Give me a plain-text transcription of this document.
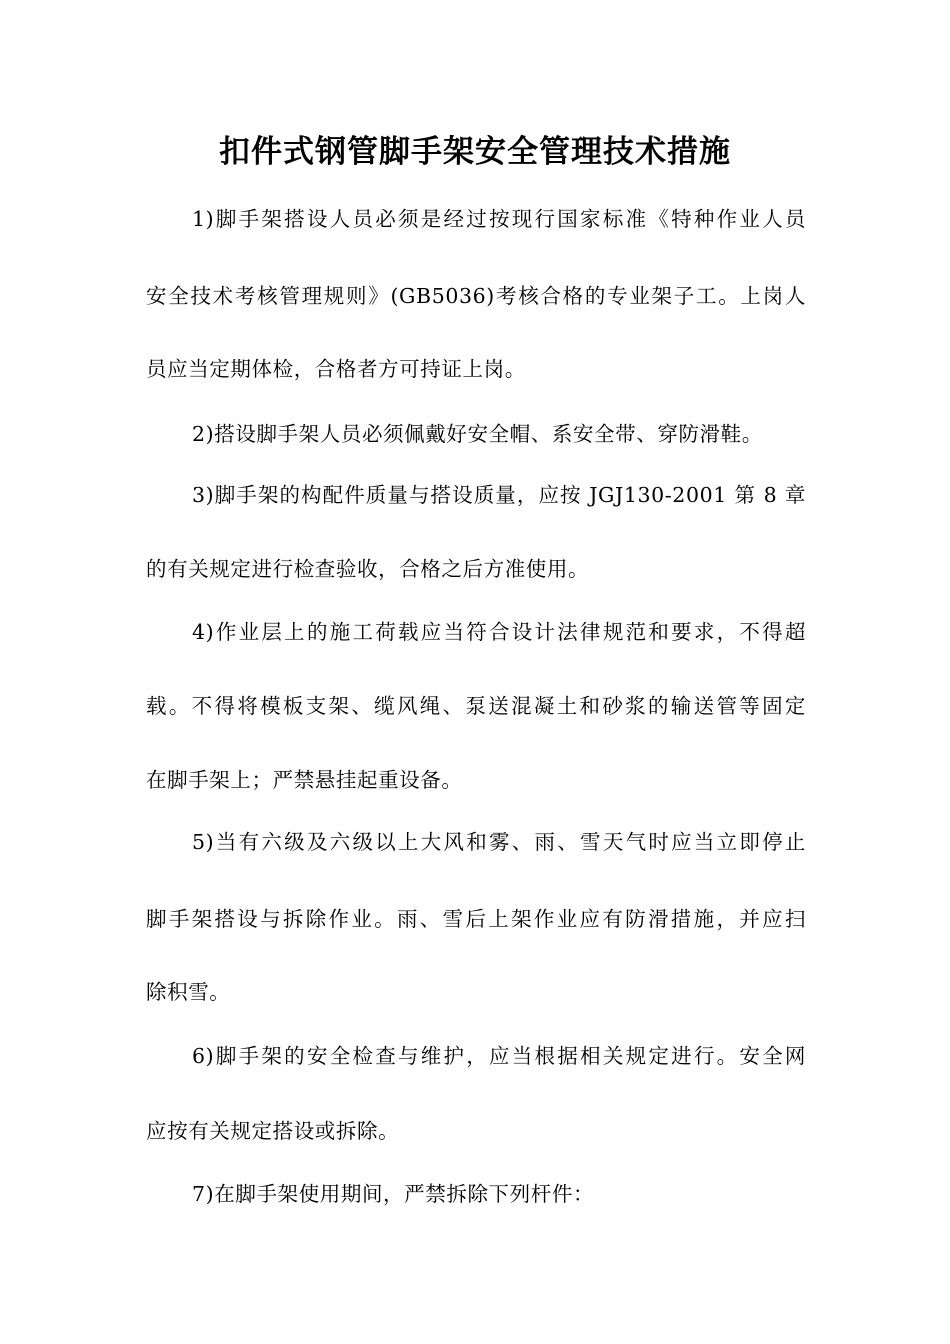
扣件式钢管脚手架安全管理技术措施
1)脚手架搭设人员必须是经过按现行国家标准《特种作业人员
安全技术考核管理规则》(GB5036)考核合格的专业架子工。上岗人
员应当定期体检，合格者方可持证上岗。
2)搭设脚手架人员必须佩戴好安全帽、系安全带、穿防滑鞋。
3)脚手架的构配件质量与搭设质量，应按 JGJ130-2001 第 8 章
的有关规定进行检查验收，合格之后方准使用。
4)作业层上的施工荷载应当符合设计法律规范和要求，不得超
载。不得将模板支架、缆风绳、泵送混凝土和砂浆的输送管等固定
在脚手架上；严禁悬挂起重设备。
5)当有六级及六级以上大风和雾、雨、雪天气时应当立即停止
脚手架搭设与拆除作业。雨、雪后上架作业应有防滑措施，并应扫
除积雪。
6)脚手架的安全检查与维护，应当根据相关规定进行。安全网
应按有关规定搭设或拆除。
7)在脚手架使用期间，严禁拆除下列杆件：
